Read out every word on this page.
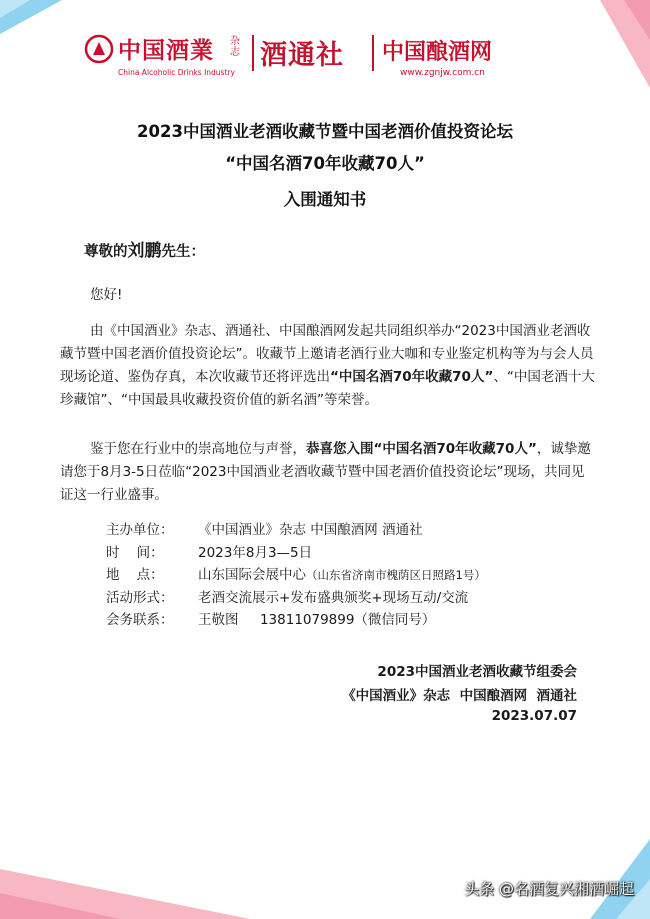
中国酒業 杂志
China Alcoholic Drinks Industry
酒通社 中国酿酒网
www.zgnjw.com.cn
2023中国酒业老酒收藏节暨中国老酒价值投资论坛
“中国名酒70年收藏70人”
入围通知书
尊敬的刘鹏先生：
您好!
由《中国酒业》杂志、酒通社、中国酿酒网发起共同组织举办“2023中国酒业老酒收藏节暨中国老酒价值投资论坛”。收藏节上邀请老酒行业大咖和专业鉴定机构等为与会人员现场论道、鉴伪存真，本次收藏节还将评选出“中国名酒70年收藏70人”、“中国老酒十大珍藏馆”、“中国最具收藏投资价值的新名酒”等荣誉。
鉴于您在行业中的崇高地位与声誉，恭喜您入围“中国名酒70年收藏70人”，诚挚邀请您于8月3-5日莅临“2023中国酒业老酒收藏节暨中国老酒价值投资论坛”现场，共同见证这一行业盛事。
主办单位： 《中国酒业》杂志 中国酿酒网 酒通社
时    间：	2023年8月3—5日
地    点：	山东国际会展中心（山东省济南市槐荫区日照路1号）
活动形式： 老酒交流展示+发布盛典颁奖+现场互动/交流
会务联系： 王敬图     13811079899（微信同号）
2023中国酒业老酒收藏节组委会
《中国酒业》杂志  中国酿酒网  酒通社
2023.07.07
头条 @名酒复兴湘酒崛起
